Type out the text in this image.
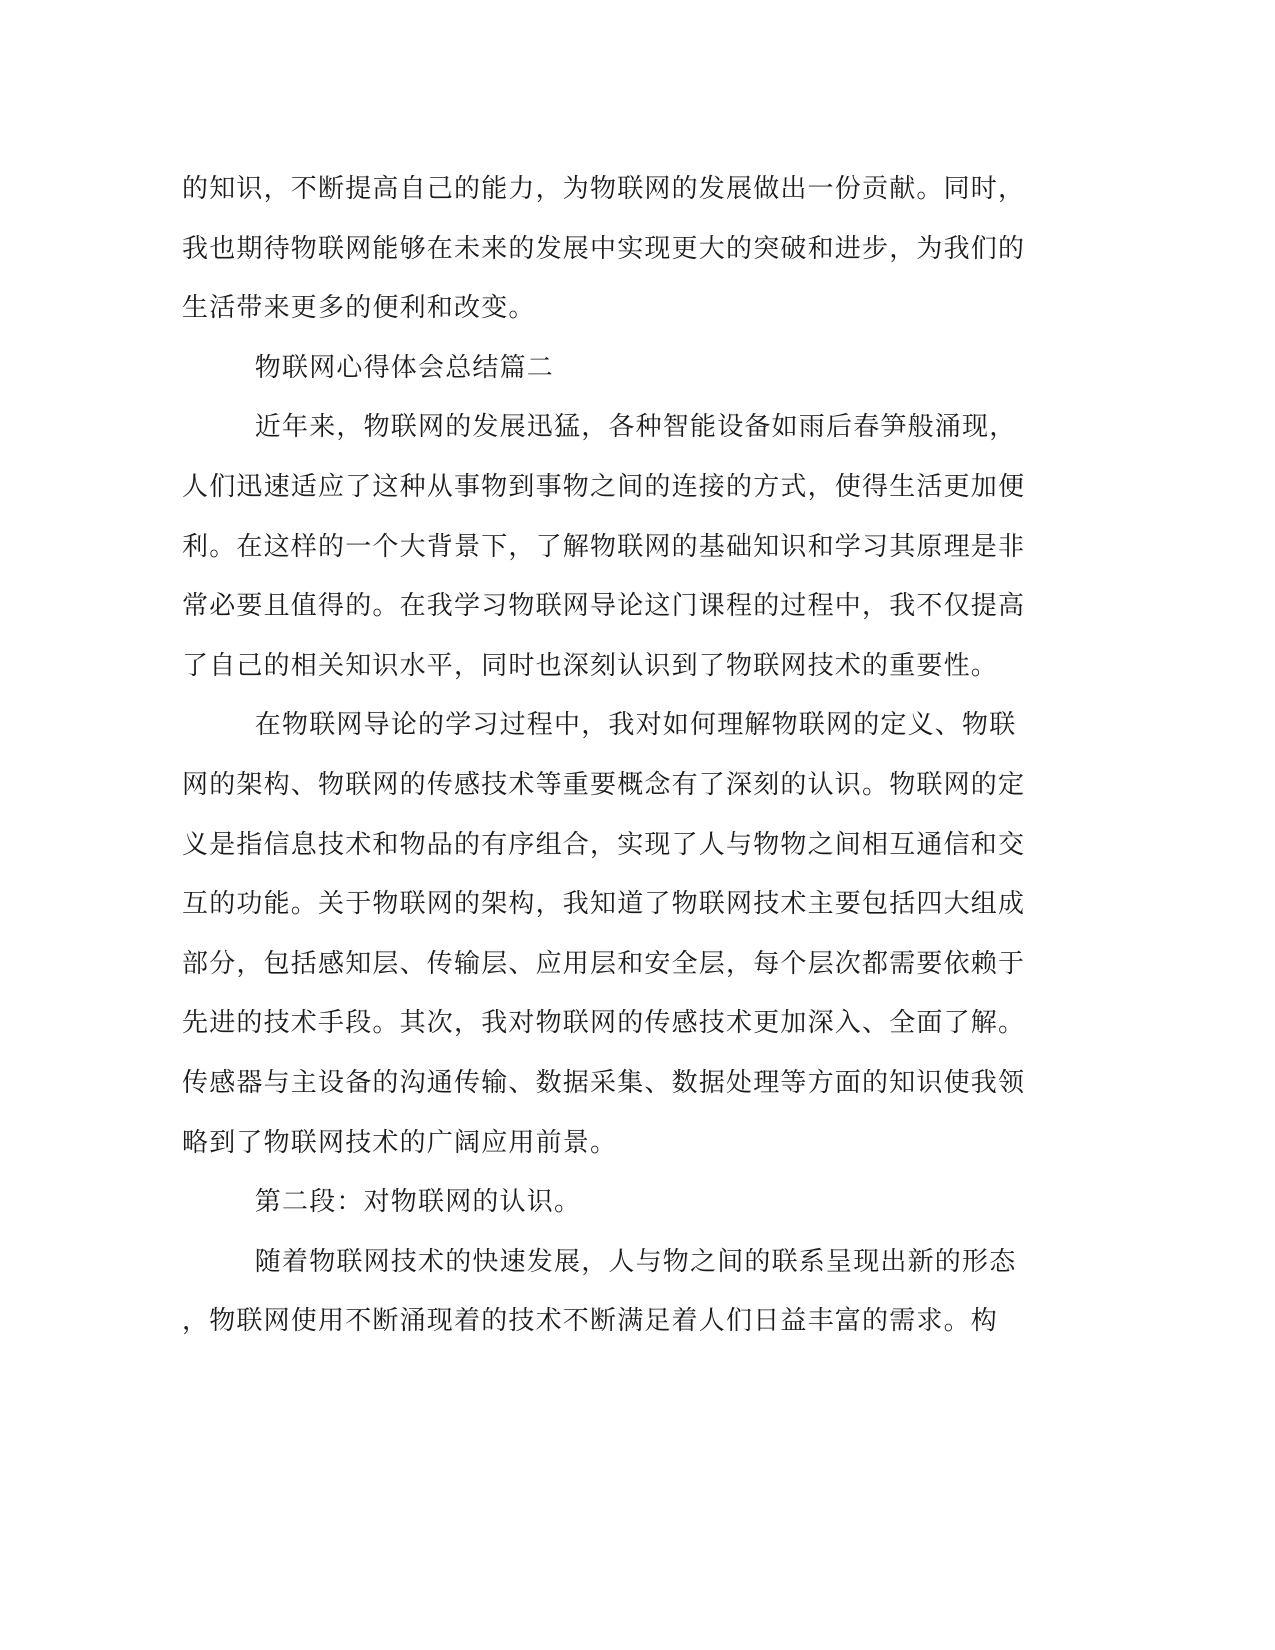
的知识，不断提高自己的能力，为物联网的发展做出一份贡献。同时，我也期待物联网能够在未来的发展中实现更大的突破和进步，为我们的生活带来更多的便利和改变。

物联网心得体会总结篇二

近年来，物联网的发展迅猛，各种智能设备如雨后春笋般涌现，人们迅速适应了这种从事物到事物之间的连接的方式，使得生活更加便利。在这样的一个大背景下，了解物联网的基础知识和学习其原理是非常必要且值得的。在我学习物联网导论这门课程的过程中，我不仅提高了自己的相关知识水平，同时也深刻认识到了物联网技术的重要性。

在物联网导论的学习过程中，我对如何理解物联网的定义、物联网的架构、物联网的传感技术等重要概念有了深刻的认识。物联网的定义是指信息技术和物品的有序组合，实现了人与物物之间相互通信和交互的功能。关于物联网的架构，我知道了物联网技术主要包括四大组成部分，包括感知层、传输层、应用层和安全层，每个层次都需要依赖于先进的技术手段。其次，我对物联网的传感技术更加深入、全面了解。传感器与主设备的沟通传输、数据采集、数据处理等方面的知识使我领略到了物联网技术的广阔应用前景。

第二段：对物联网的认识。

随着物联网技术的快速发展，人与物之间的联系呈现出新的形态，物联网使用不断涌现着的技术不断满足着人们日益丰富的需求。构
